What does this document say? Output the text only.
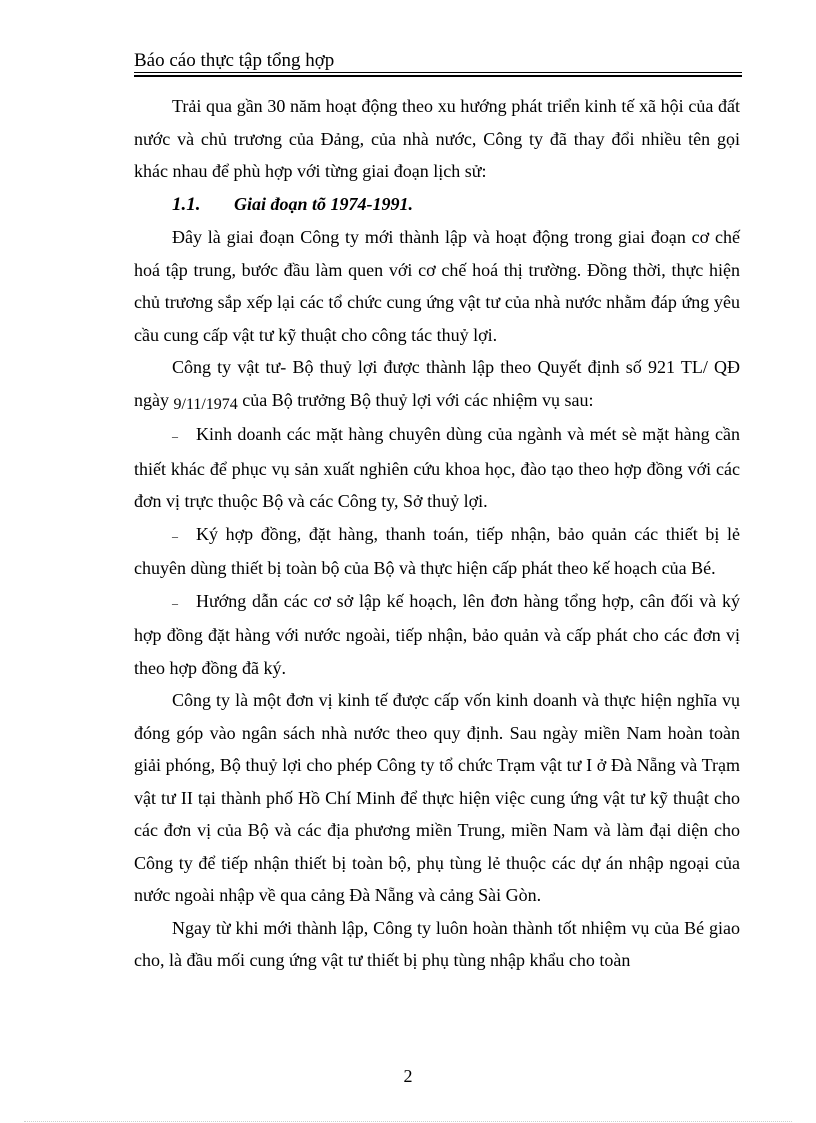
Báo cáo thực tập tổng hợp

Trải qua gần 30 năm hoạt động theo xu hướng phát triển kinh tế xã hội của đất nước và chủ trương của Đảng, của nhà nước, Công ty đã thay đổi nhiều tên gọi khác nhau để phù hợp với từng giai đoạn lịch sử:

1.1. Giai đoạn tõ 1974-1991.

Đây là giai đoạn Công ty mới thành lập và hoạt động trong giai đoạn cơ chế hoá tập trung, bước đầu làm quen với cơ chế hoá thị trường. Đồng thời, thực hiện chủ trương sắp xếp lại các tổ chức cung ứng vật tư của nhà nước nhằm đáp ứng yêu cầu cung cấp vật tư kỹ thuật cho công tác thuỷ lợi.

Công ty vật tư- Bộ thuỷ lợi được thành lập theo Quyết định số 921 TL/ QĐ ngày 9/11/1974 của Bộ trưởng Bộ thuỷ lợi với các nhiệm vụ sau:

– Kinh doanh các mặt hàng chuyên dùng của ngành và mét sè mặt hàng cần thiết khác để phục vụ sản xuất nghiên cứu khoa học, đào tạo theo hợp đồng với các đơn vị trực thuộc Bộ và các Công ty, Sở thuỷ lợi.

– Ký hợp đồng, đặt hàng, thanh toán, tiếp nhận, bảo quản các thiết bị lẻ chuyên dùng thiết bị toàn bộ của Bộ và thực hiện cấp phát theo kế hoạch của Bé.

– Hướng dẫn các cơ sở lập kế hoạch, lên đơn hàng tổng hợp, cân đối và ký hợp đồng đặt hàng với nước ngoài, tiếp nhận, bảo quản và cấp phát cho các đơn vị theo hợp đồng đã ký.

Công ty là một đơn vị kinh tế được cấp vốn kinh doanh và thực hiện nghĩa vụ đóng góp vào ngân sách nhà nước theo quy định. Sau ngày miền Nam hoàn toàn giải phóng, Bộ thuỷ lợi cho phép Công ty tổ chức Trạm vật tư I ở Đà Nẵng và Trạm vật tư II tại thành phố Hồ Chí Minh để thực hiện việc cung ứng vật tư kỹ thuật cho các đơn vị của Bộ và các địa phương miền Trung, miền Nam và làm đại diện cho Công ty để tiếp nhận thiết bị toàn bộ, phụ tùng lẻ thuộc các dự án nhập ngoại của nước ngoài nhập về qua cảng Đà Nẵng và cảng Sài Gòn.

Ngay từ khi mới thành lập, Công ty luôn hoàn thành tốt nhiệm vụ của Bé giao cho, là đầu mối cung ứng vật tư thiết bị phụ tùng nhập khẩu cho toàn

2
